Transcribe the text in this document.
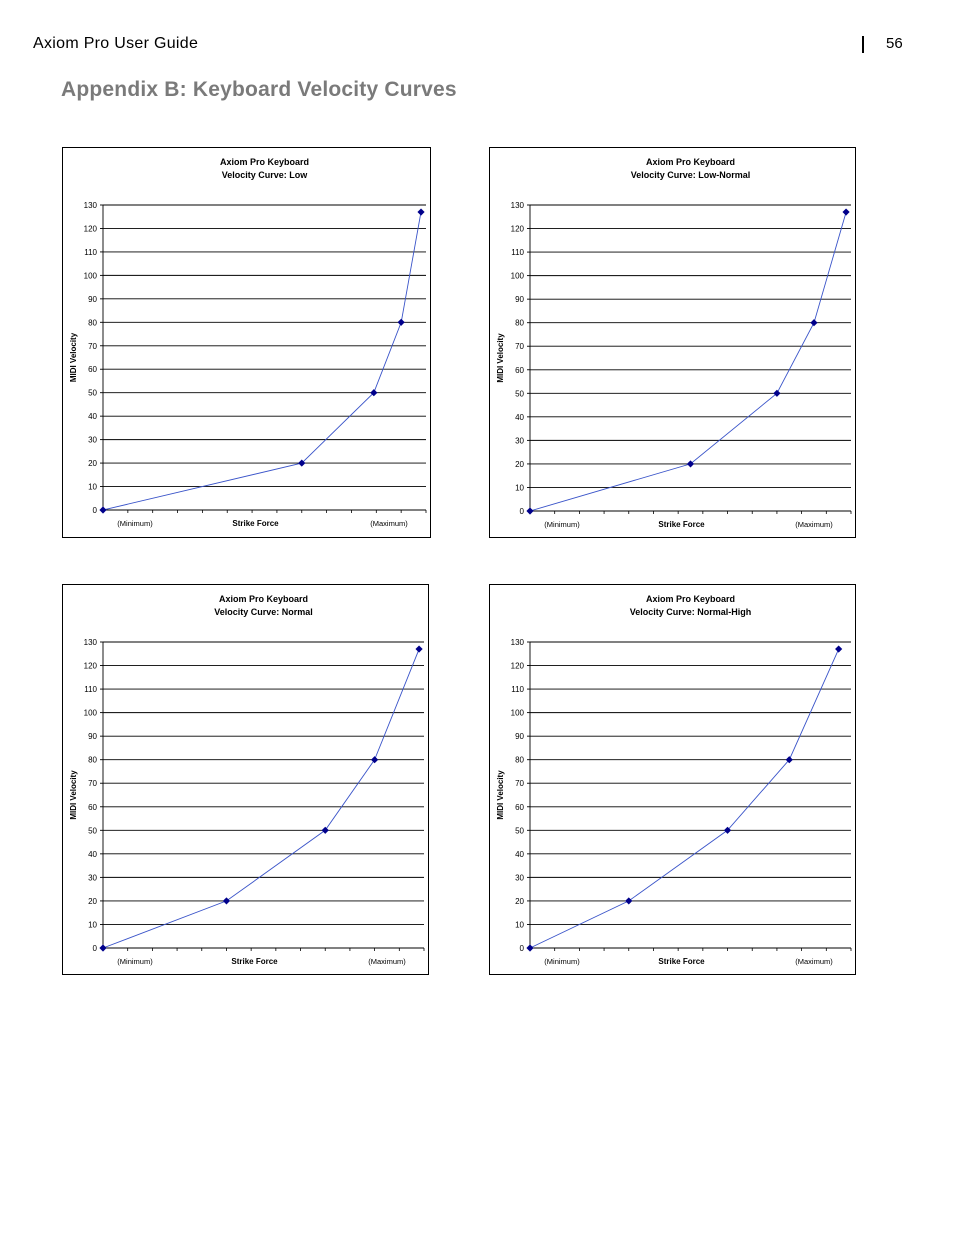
Axiom Pro User Guide	56
Appendix B: Keyboard Velocity Curves
Axiom Pro Keyboard
Velocity Curve: Low
0
10
20
30
40
50
60
70
80
90
100
110
120
130
(Minimum)	Strike Force	(Maximum)
MIDI Velocity
Axiom Pro Keyboard
Velocity Curve: Low-Normal
0
10
20
30
40
50
60
70
80
90
100
110
120
130
(Minimum)	Strike Force	(Maximum)
MIDI Velocity
Axiom Pro Keyboard
Velocity Curve: Normal
0
10
20
30
40
50
60
70
80
90
100
110
120
130
(Minimum)	Strike Force	(Maximum)
MIDI Velocity
Axiom Pro Keyboard
Velocity Curve: Normal-High
0
10
20
30
40
50
60
70
80
90
100
110
120
130
(Minimum)	Strike Force	(Maximum)
MIDI Velocity
